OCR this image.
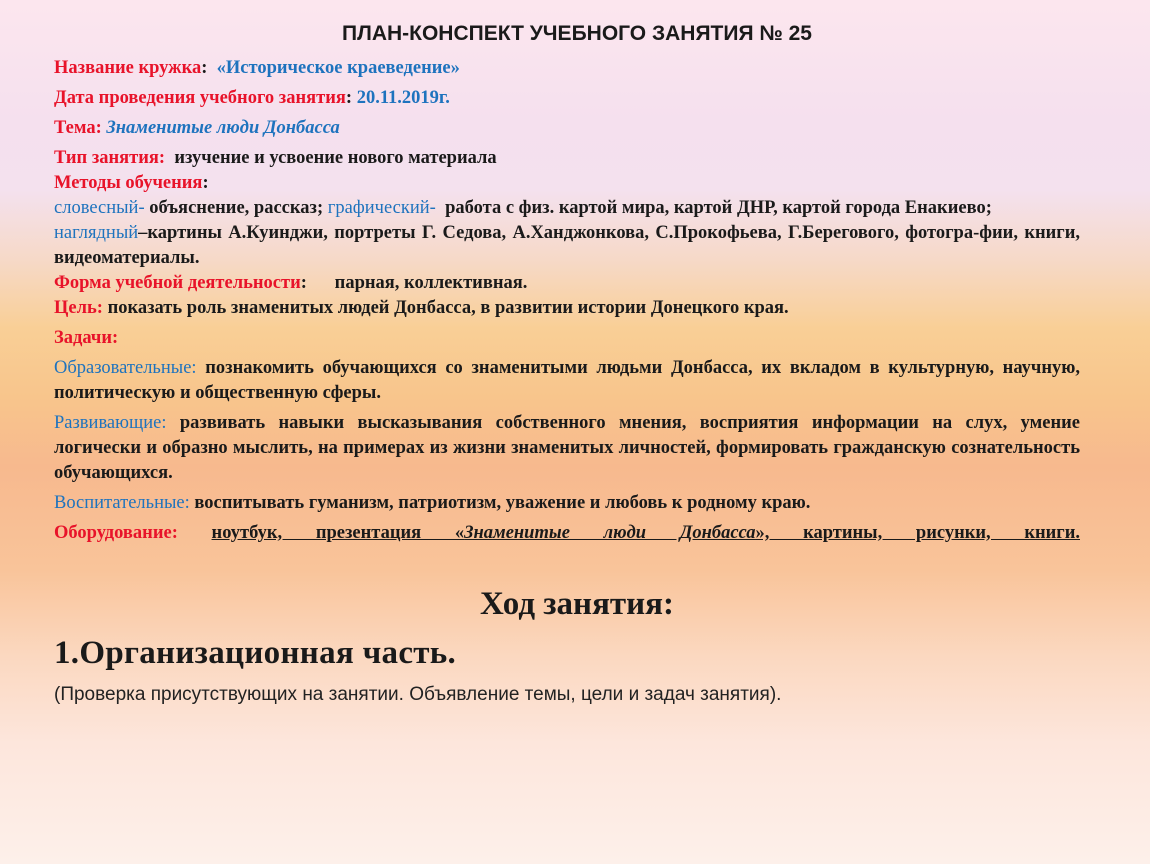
ПЛАН-КОНСПЕКТ УЧЕБНОГО ЗАНЯТИЯ № 25
Название кружка: «Историческое краеведение»
Дата проведения учебного занятия: 20.11.2019г.
Тема: Знаменитые люди Донбасса
Тип занятия: изучение и усвоение нового материала
Методы обучения:
словесный- объяснение, рассказ; графический- работа с физ. картой мира, картой ДНР, картой города Енакиево;
наглядный–картины А.Куинджи, портреты Г. Седова, А.Ханджонкова, С.Прокофьева, Г.Берегового, фотогра-фии, книги, видеоматериалы.
Форма учебной деятельности: парная, коллективная.
Цель: показать роль знаменитых людей Донбасса, в развитии истории Донецкого края.
Задачи:
Образовательные: познакомить обучающихся со знаменитыми людьми Донбасса, их вкладом в культурную, научную, политическую и общественную сферы.
Развивающие: развивать навыки высказывания собственного мнения, восприятия информации на слух, умение логически и образно мыслить, на примерах из жизни знаменитых личностей, формировать гражданскую сознательность обучающихся.
Воспитательные: воспитывать гуманизм, патриотизм, уважение и любовь к родному краю.
Оборудование: ноутбук, презентация «Знаменитые люди Донбасса», картины, рисунки, книги.
Ход занятия:
1.Организационная часть.
(Проверка присутствующих на занятии. Объявление темы, цели и задач занятия).
